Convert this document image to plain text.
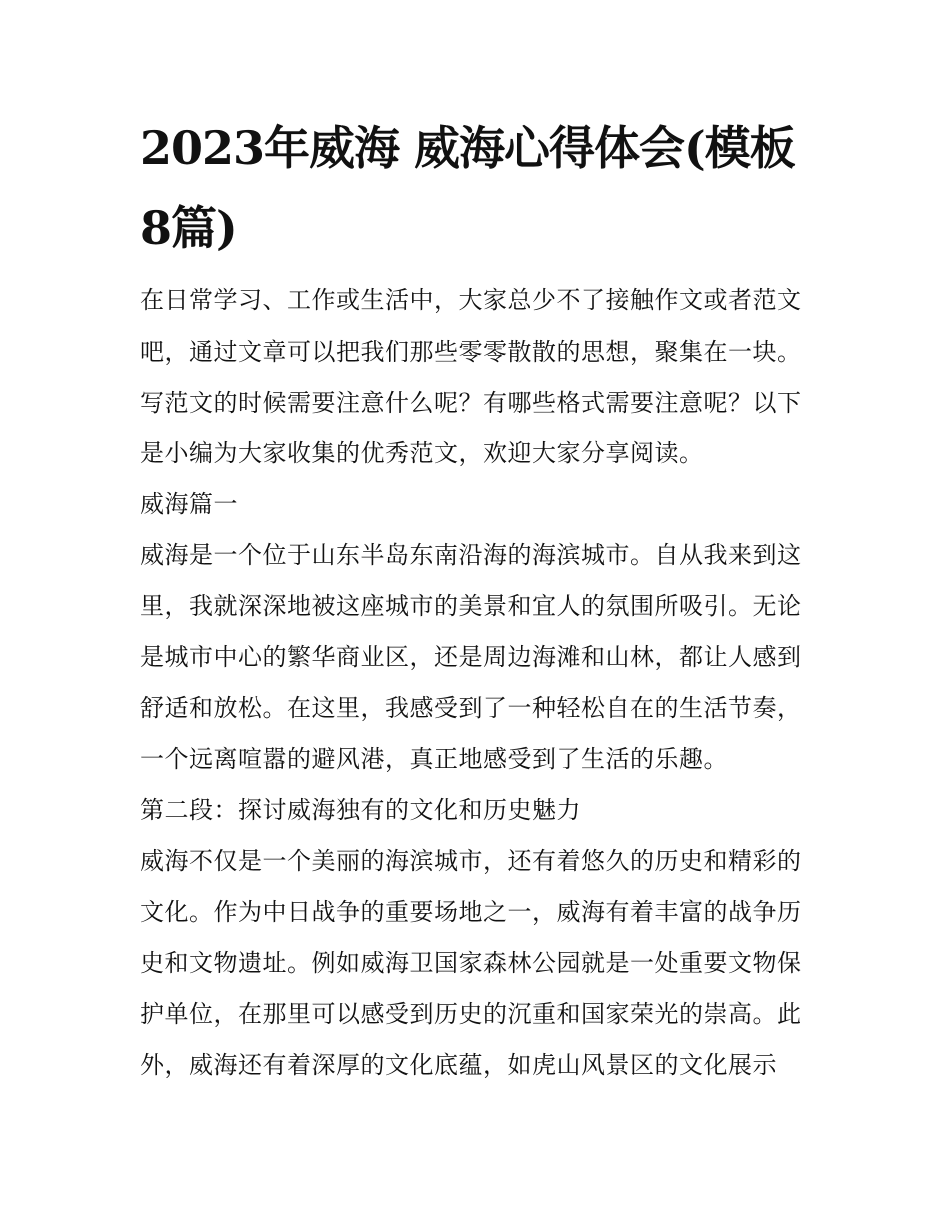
2023年威海 威海心得体会(模板8篇)
在日常学习、工作或生活中，大家总少不了接触作文或者范文
吧，通过文章可以把我们那些零零散散的思想，聚集在一块。
写范文的时候需要注意什么呢？有哪些格式需要注意呢？以下
是小编为大家收集的优秀范文，欢迎大家分享阅读。
威海篇一
威海是一个位于山东半岛东南沿海的海滨城市。自从我来到这
里，我就深深地被这座城市的美景和宜人的氛围所吸引。无论
是城市中心的繁华商业区，还是周边海滩和山林，都让人感到
舒适和放松。在这里，我感受到了一种轻松自在的生活节奏，
一个远离喧嚣的避风港，真正地感受到了生活的乐趣。
第二段：探讨威海独有的文化和历史魅力
威海不仅是一个美丽的海滨城市，还有着悠久的历史和精彩的
文化。作为中日战争的重要场地之一，威海有着丰富的战争历
史和文物遗址。例如威海卫国家森林公园就是一处重要文物保
护单位，在那里可以感受到历史的沉重和国家荣光的崇高。此
外，威海还有着深厚的文化底蕴，如虎山风景区的文化展示
